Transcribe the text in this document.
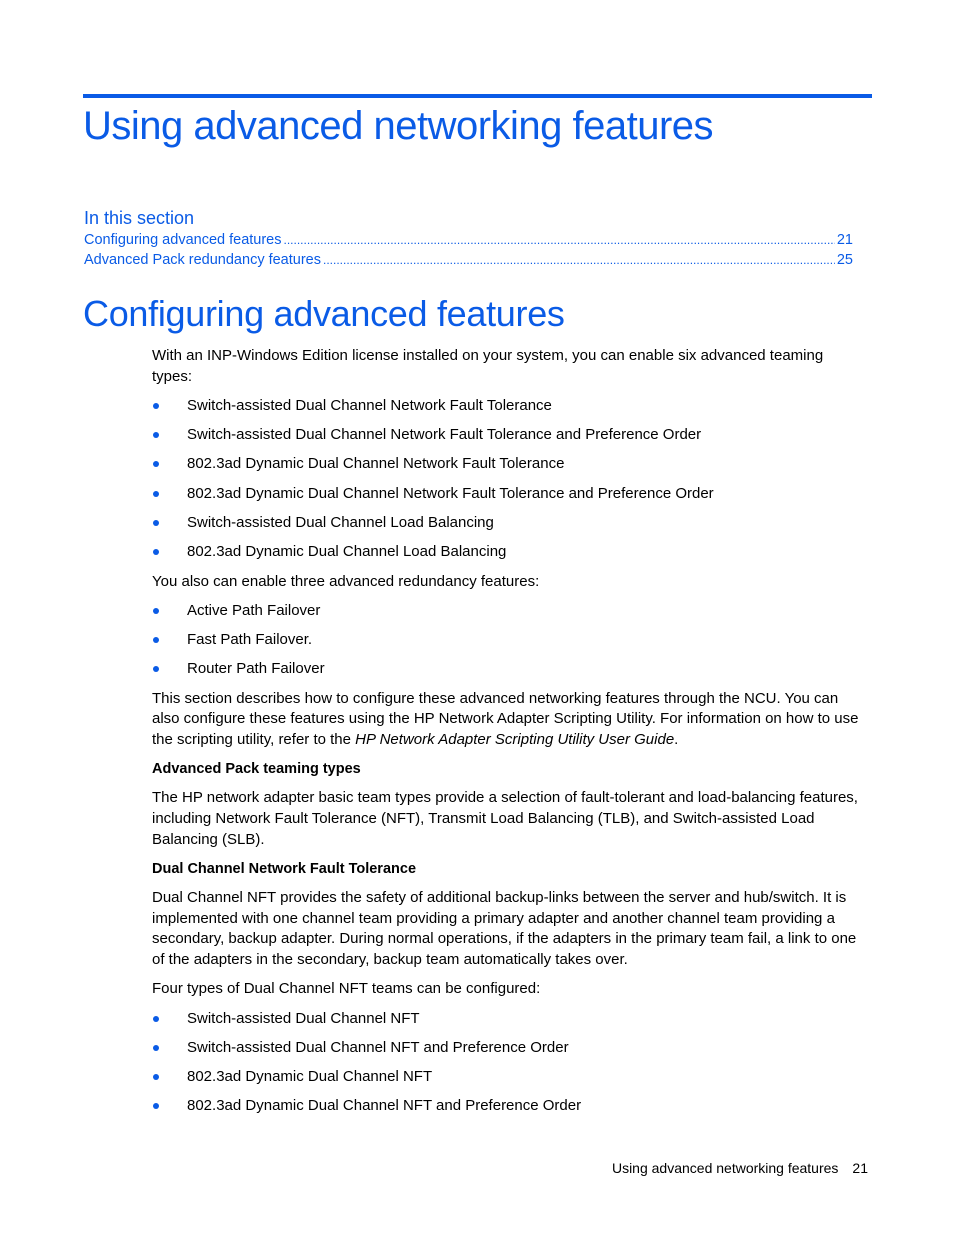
Using advanced networking features
In this section
Configuring advanced features .....	21
Advanced Pack redundancy features .....	25
Configuring advanced features

With an INP-Windows Edition license installed on your system, you can enable six advanced teaming types:

Switch-assisted Dual Channel Network Fault Tolerance
Switch-assisted Dual Channel Network Fault Tolerance and Preference Order
802.3ad Dynamic Dual Channel Network Fault Tolerance
802.3ad Dynamic Dual Channel Network Fault Tolerance and Preference Order
Switch-assisted Dual Channel Load Balancing
802.3ad Dynamic Dual Channel Load Balancing

You also can enable three advanced redundancy features:

Active Path Failover
Fast Path Failover.
Router Path Failover

This section describes how to configure these advanced networking features through the NCU. You can also configure these features using the HP Network Adapter Scripting Utility. For information on how to use the scripting utility, refer to the HP Network Adapter Scripting Utility User Guide.

Advanced Pack teaming types

The HP network adapter basic team types provide a selection of fault-tolerant and load-balancing features, including Network Fault Tolerance (NFT), Transmit Load Balancing (TLB), and Switch-assisted Load Balancing (SLB).

Dual Channel Network Fault Tolerance

Dual Channel NFT provides the safety of additional backup-links between the server and hub/switch. It is implemented with one channel team providing a primary adapter and another channel team providing a secondary, backup adapter. During normal operations, if the adapters in the primary team fail, a link to one of the adapters in the secondary, backup team automatically takes over.

Four types of Dual Channel NFT teams can be configured:

Switch-assisted Dual Channel NFT
Switch-assisted Dual Channel NFT and Preference Order
802.3ad Dynamic Dual Channel NFT
802.3ad Dynamic Dual Channel NFT and Preference Order
Using advanced networking features 21
